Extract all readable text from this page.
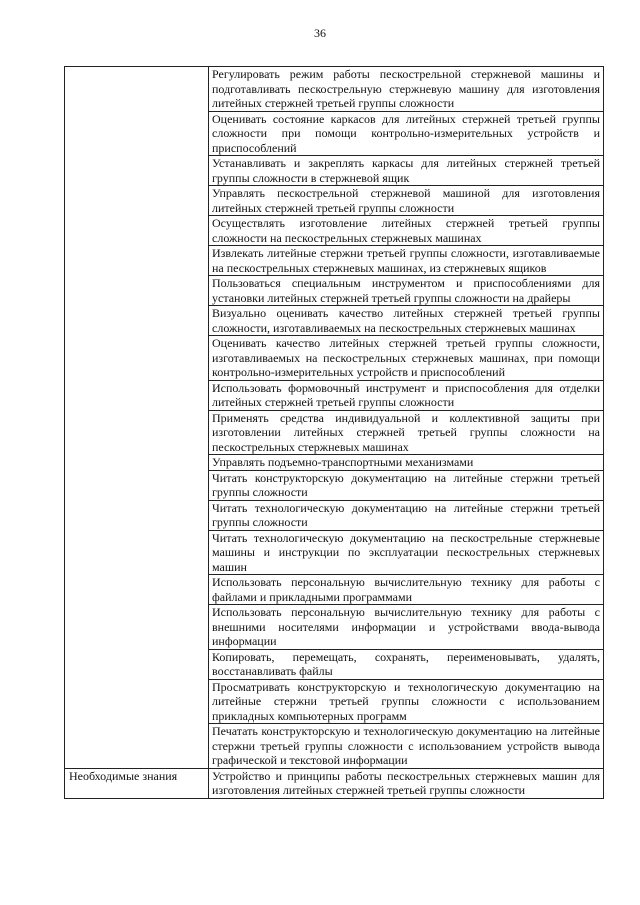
36
	Регулировать режим работы пескострельной стержневой машины и подготавливать пескострельную стержневую машину для изготовления литейных стержней третьей группы сложности
	Оценивать состояние каркасов для литейных стержней третьей группы сложности при помощи контрольно-измерительных устройств и приспособлений
	Устанавливать и закреплять каркасы для литейных стержней третьей группы сложности в стержневой ящик
	Управлять пескострельной стержневой машиной для изготовления литейных стержней третьей группы сложности
	Осуществлять изготовление литейных стержней третьей группы сложности на пескострельных стержневых машинах
	Извлекать литейные стержни третьей группы сложности, изготавливаемые на пескострельных стержневых машинах, из стержневых ящиков
	Пользоваться специальным инструментом и приспособлениями для установки литейных стержней третьей группы сложности на драйеры
	Визуально оценивать качество литейных стержней третьей группы сложности, изготавливаемых на пескострельных стержневых машинах
	Оценивать качество литейных стержней третьей группы сложности, изготавливаемых на пескострельных стержневых машинах, при помощи контрольно-измерительных устройств и приспособлений
	Использовать формовочный инструмент и приспособления для отделки литейных стержней третьей группы сложности
	Применять средства индивидуальной и коллективной защиты при изготовлении литейных стержней третьей группы сложности на пескострельных стержневых машинах
	Управлять подъемно-транспортными механизмами
	Читать конструкторскую документацию на литейные стержни третьей группы сложности
	Читать технологическую документацию на литейные стержни третьей группы сложности
	Читать технологическую документацию на пескострельные стержневые машины и инструкции по эксплуатации пескострельных стержневых машин
	Использовать персональную вычислительную технику для работы с файлами и прикладными программами
	Использовать персональную вычислительную технику для работы с внешними носителями информации и устройствами ввода-вывода информации
	Копировать, перемещать, сохранять, переименовывать, удалять, восстанавливать файлы
	Просматривать конструкторскую и технологическую документацию на литейные стержни третьей группы сложности с использованием прикладных компьютерных программ
	Печатать конструкторскую и технологическую документацию на литейные стержни третьей группы сложности с использованием устройств вывода графической и текстовой информации
Необходимые знания	Устройство и принципы работы пескострельных стержневых машин для изготовления литейных стержней третьей группы сложности
